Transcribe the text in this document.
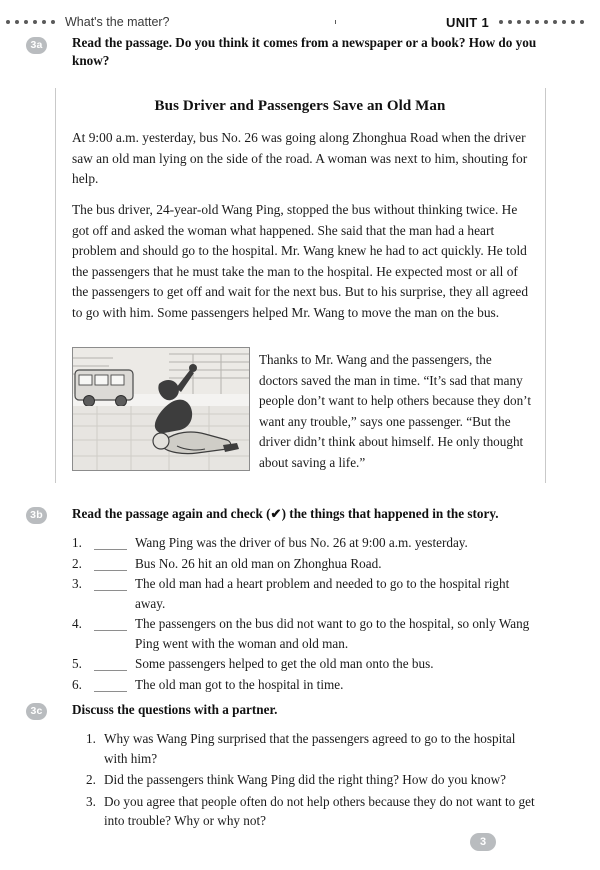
What's the matter?	UNIT 1
3a	Read the passage. Do you think it comes from a newspaper or a book? How do you know?
Bus Driver and Passengers Save an Old Man

At 9:00 a.m. yesterday, bus No. 26 was going along Zhonghua Road when the driver saw an old man lying on the side of the road. A woman was next to him, shouting for help.

The bus driver, 24-year-old Wang Ping, stopped the bus without thinking twice. He got off and asked the woman what happened. She said that the man had a heart problem and should go to the hospital. Mr. Wang knew he had to act quickly. He told the passengers that he must take the man to the hospital. He expected most or all of the passengers to get off and wait for the next bus. But to his surprise, they all agreed to go with him. Some passengers helped Mr. Wang to move the man on the bus.

Thanks to Mr. Wang and the passengers, the doctors saved the man in time. “It’s sad that many people don’t want to help others because they don’t want any trouble,” says one passenger. “But the driver didn’t think about himself. He only thought about saving a life.”
3b	Read the passage again and check (✔) the things that happened in the story.
1.	Wang Ping was the driver of bus No. 26 at 9:00 a.m. yesterday.
2.	Bus No. 26 hit an old man on Zhonghua Road.
3.	The old man had a heart problem and needed to go to the hospital right away.
4.	The passengers on the bus did not want to go to the hospital, so only Wang Ping went with the woman and old man.
5.	Some passengers helped to get the old man onto the bus.
6.	The old man got to the hospital in time.
3c	Discuss the questions with a partner.
1. Why was Wang Ping surprised that the passengers agreed to go to the hospital with him?
2. Did the passengers think Wang Ping did the right thing? How do you know?
3. Do you agree that people often do not help others because they do not want to get into trouble? Why or why not?
3
